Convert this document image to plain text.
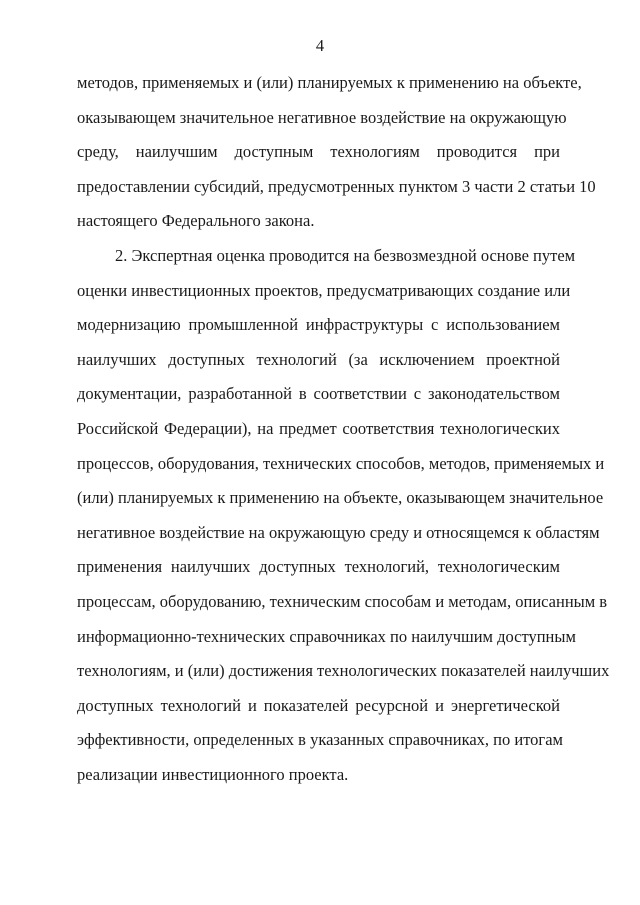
4
методов, применяемых и (или) планируемых к применению на объекте,
оказывающем значительное негативное воздействие на окружающую
среду, наилучшим доступным технологиям проводится при
предоставлении субсидий, предусмотренных пунктом 3 части 2 статьи 10
настоящего Федерального закона.
2. Экспертная оценка проводится на безвозмездной основе путем
оценки инвестиционных проектов, предусматривающих создание или
модернизацию промышленной инфраструктуры с использованием
наилучших доступных технологий (за исключением проектной
документации, разработанной в соответствии с законодательством
Российской Федерации), на предмет соответствия технологических
процессов, оборудования, технических способов, методов, применяемых и
(или) планируемых к применению на объекте, оказывающем значительное
негативное воздействие на окружающую среду и относящемся к областям
применения наилучших доступных технологий, технологическим
процессам, оборудованию, техническим способам и методам, описанным в
информационно-технических справочниках по наилучшим доступным
технологиям, и (или) достижения технологических показателей наилучших
доступных технологий и показателей ресурсной и энергетической
эффективности, определенных в указанных справочниках, по итогам
реализации инвестиционного проекта.
